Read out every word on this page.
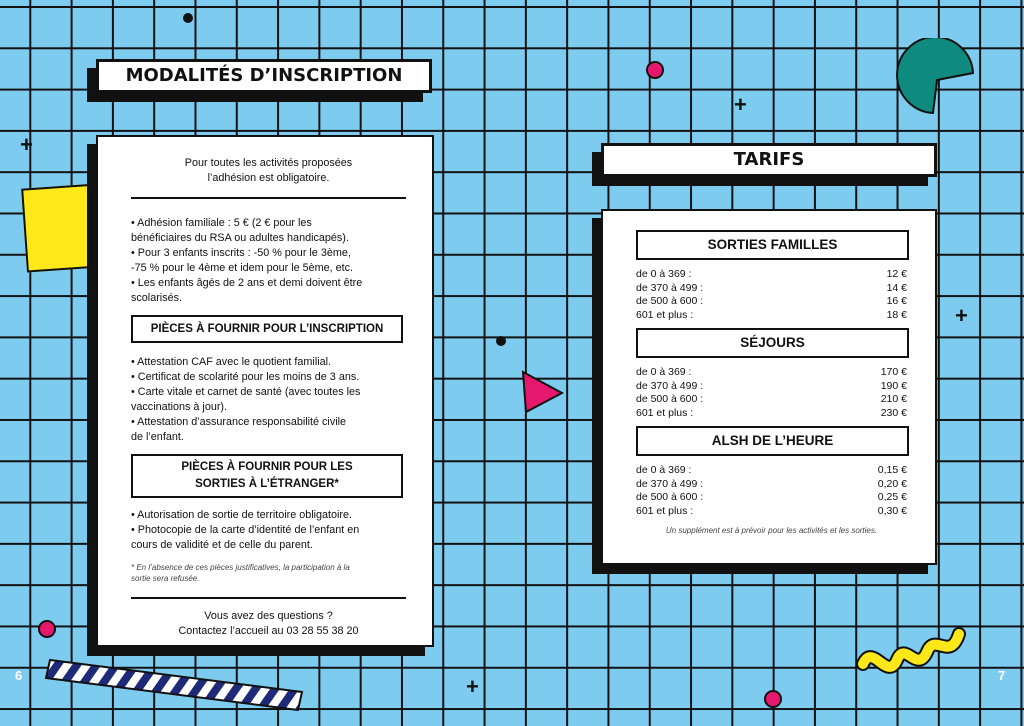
+
+
+
+
MODALITÉS D’INSCRIPTION
Pour toutes les activités proposées
l’adhésion est obligatoire.
• Adhésion familiale : 5 € (2 € pour les
bénéficiaires du RSA ou adultes handicapés).
• Pour 3 enfants inscrits : -50 % pour le 3ème,
-75 % pour le 4ème et idem pour le 5ème, etc.
• Les enfants âgés de 2 ans et demi doivent être
scolarisés.
PIÈCES À FOURNIR POUR L’INSCRIPTION
• Attestation CAF avec le quotient familial.
• Certificat de scolarité pour les moins de 3 ans.
• Carte vitale et carnet de santé (avec toutes les
vaccinations à jour).
• Attestation d’assurance responsabilité civile
de l’enfant.
PIÈCES À FOURNIR POUR LES
SORTIES À L’ÉTRANGER*
• Autorisation de sortie de territoire obligatoire.
• Photocopie de la carte d’identité de l’enfant en
cours de validité et de celle du parent.
* En l’absence de ces pièces justificatives, la participation à la
sortie sera refusée.
Vous avez des questions ?
Contactez l’accueil au 03 28 55 38 20
6
TARIFS
SORTIES FAMILLES
de 0 à 369 :	12 €
de 370 à 499 :	14 €
de 500 à 600 :	16 €
601 et plus :	18 €
SÉJOURS
de 0 à 369 :	170 €
de 370 à 499 :	190 €
de 500 à 600 :	210 €
601 et plus :	230 €
ALSH DE L’HEURE
de 0 à 369 :	0,15 €
de 370 à 499 :	0,20 €
de 500 à 600 :	0,25 €
601 et plus :	0,30 €
Un supplément est à prévoir pour les activités et les sorties.
7
